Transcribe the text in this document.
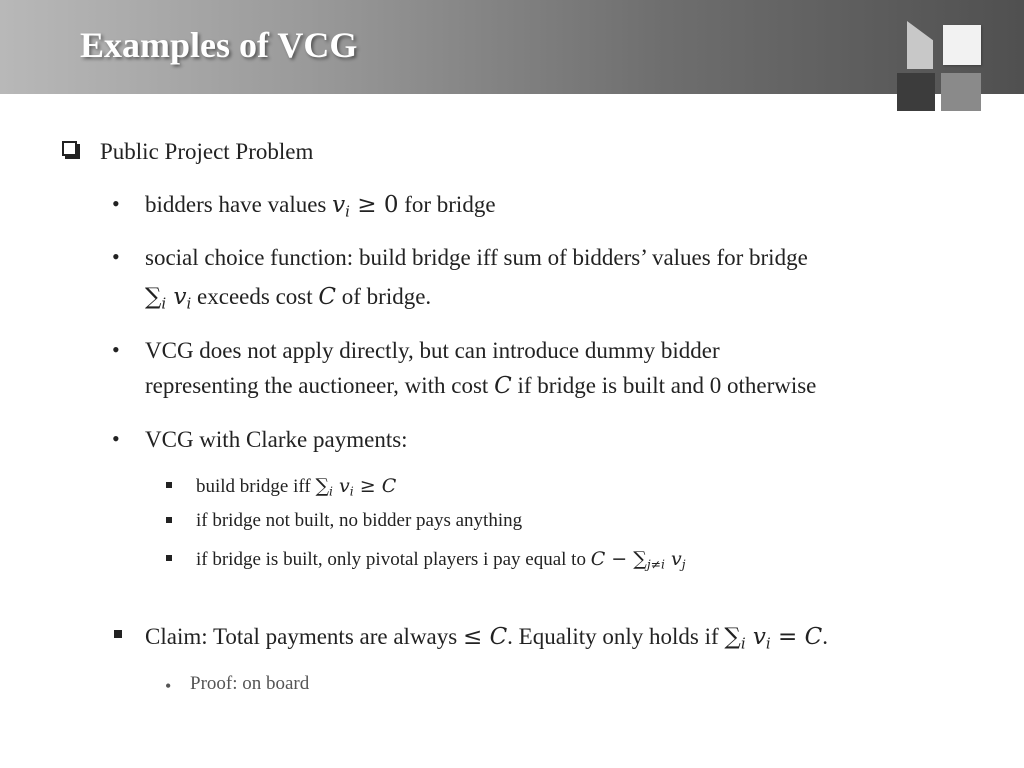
Examples of VCG
Public Project Problem
• bidders have values $v_i \ge 0$ for bridge
• social choice function: build bridge iff sum of bidders’ values for bridge
$\sum_i$ $v_i$ exceeds cost C of bridge.
• VCG does not apply directly, but can introduce dummy bidder
representing the auctioneer, with cost C if bridge is built and 0 otherwise
• VCG with Clarke payments:
build bridge iff $\sum_i$ $v_i \ge C$
if bridge not built, no bidder pays anything
if bridge is built, only pivotal players i pay equal to $C - \sum_{j\ne i}$ $v_j$
Claim: Total payments are always ≤ C. Equality only holds if $\sum_i$ $v_i = C$.
• Proof: on board
